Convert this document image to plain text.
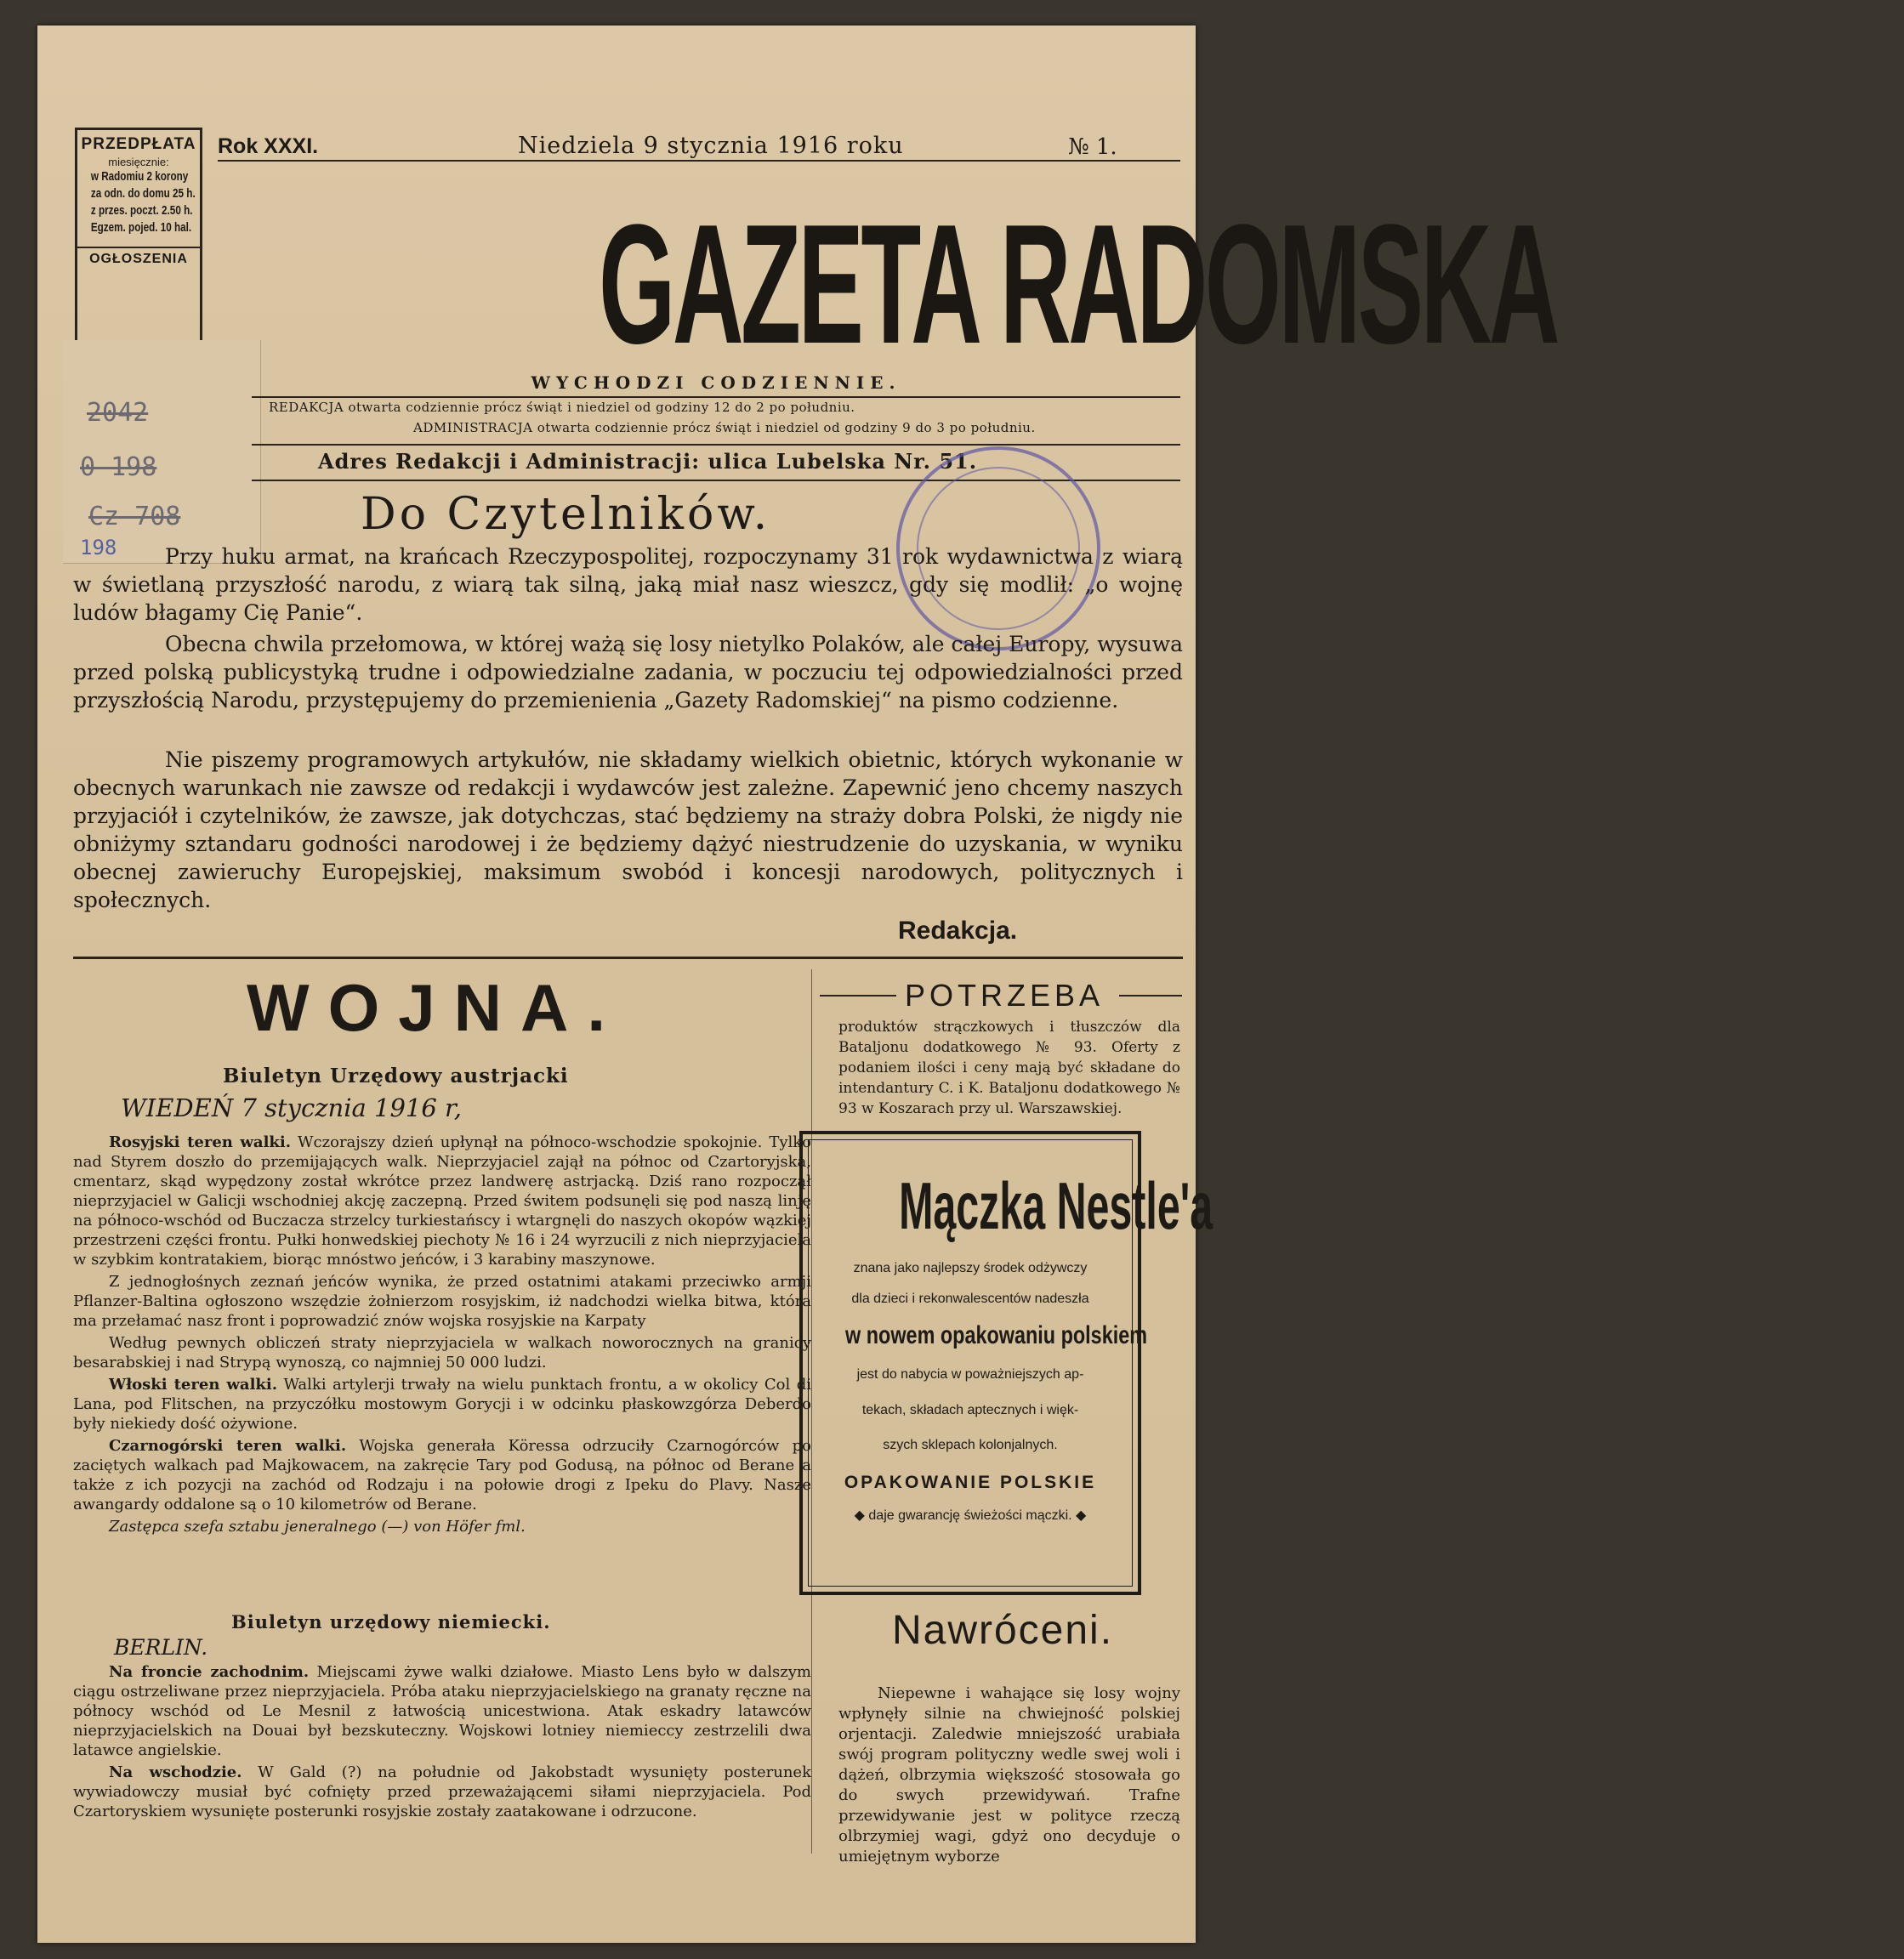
PRZEDPŁATA
miesięcznie:
w Radomiu 2 korony
za odn. do domu 25 h.
z przes. poczt. 2.50 h.
Egzem. pojed. 10 hal.
OGŁOSZENIA
2042
0-198
Cz-708
198
Rok XXXI.	Niedziela 9 stycznia 1916 roku	№ 1.
GAZETA RADOMSKA
WYCHODZI CODZIENNIE.
REDAKCJA otwarta codziennie prócz świąt i niedziel od godziny 12 do 2 po południu.
ADMINISTRACJA otwarta codziennie prócz świąt i niedziel od godziny 9 do 3 po południu.
Adres Redakcji i Administracji: ulica Lubelska Nr. 51.
Do Czytelników.
Przy huku armat, na krańcach Rzeczypospolitej, rozpoczynamy 31 rok wydawnictwa z wiarą w świetlaną przyszłość narodu, z wiarą tak silną, jaką miał nasz wieszcz, gdy się modlił: „o wojnę ludów błagamy Cię Panie“.
Obecna chwila przełomowa, w której ważą się losy nietylko Polaków, ale całej Europy, wysuwa przed polską publicystyką trudne i odpowiedzialne zadania, w poczuciu tej odpowiedzialności przed przyszłością Narodu, przystępujemy do przemienienia „Gazety Radomskiej“ na pismo codzienne.
Nie piszemy programowych artykułów, nie składamy wielkich obietnic, których wykonanie w obecnych warunkach nie zawsze od redakcji i wydawców jest zależne. Zapewnić jeno chcemy naszych przyjaciół i czytelników, że zawsze, jak dotychczas, stać będziemy na straży dobra Polski, że nigdy nie obniżymy sztandaru godności narodowej i że będziemy dążyć niestrudzenie do uzyskania, w wyniku obecnej zawieruchy Europejskiej, maksimum swobód i koncesji narodowych, politycznych i społecznych.
Redakcja.
WOJNA.
Biuletyn Urzędowy austrjacki
WIEDEŃ 7 stycznia 1916 r,

Rosyjski teren walki. Wczorajszy dzień upłynął na północo-wschodzie spokojnie. Tylko nad Styrem doszło do przemijających walk. Nieprzyjaciel zajął na północ od Czartoryjska, cmentarz, skąd wypędzony został wkrótce przez landwerę astrjacką. Dziś rano rozpoczął nieprzyjaciel w Galicji wschodniej akcję zaczepną. Przed świtem podsunęli się pod naszą linję na północo-wschód od Buczacza strzelcy turkiestańscy i wtargnęli do naszych okopów wązkiej przestrzeni części frontu. Pułki honwedskiej piechoty № 16 i 24 wyrzucili z nich nieprzyjaciela w szybkim kontratakiem, biorąc mnóstwo jeńców, i 3 karabiny maszynowe.

Z jednogłośnych zeznań jeńców wynika, że przed ostatnimi atakami przeciwko armji Pflanzer-Baltina ogłoszono wszędzie żołnierzom rosyjskim, iż nadchodzi wielka bitwa, która ma przełamać nasz front i poprowadzić znów wojska rosyjskie na Karpaty

Według pewnych obliczeń straty nieprzyjaciela w walkach noworocznych na granicy besarabskiej i nad Strypą wynoszą, co najmniej 50 000 ludzi.

Włoski teren walki. Walki artylerji trwały na wielu punktach frontu, a w okolicy Col di Lana, pod Flitschen, na przyczółku mostowym Gorycji i w odcinku płaskowzgórza Deberdo były niekiedy dość ożywione.

Czarnogórski teren walki. Wojska generała Köressa odrzuciły Czarnogórców po zaciętych walkach pad Majkowacem, na zakręcie Tary pod Godusą, na północ od Berane a także z ich pozycji na zachód od Rodzaju i na połowie drogi z Ipeku do Plavy. Nasze awangardy oddalone są o 10 kilometrów od Berane.

Zastępca szefa sztabu jeneralnego (—) von Höfer fml.

Biuletyn urzędowy niemiecki.
BERLIN.

Na froncie zachodnim. Miejscami żywe walki działowe. Miasto Lens było w dalszym ciągu ostrzeliwane przez nieprzyjaciela. Próba ataku nieprzyjacielskiego na granaty ręczne na północy wschód od Le Mesnil z łatwością unicestwiona. Atak eskadry latawców nieprzyjacielskich na Douai był bezskuteczny. Wojskowi lotniey niemieccy zestrzelili dwa latawce angielskie.

Na wschodzie. W Gald (?) na południe od Jakobstadt wysunięty posterunek wywiadowczy musiał być cofnięty przed przeważającemi siłami nieprzyjaciela. Pod Czartoryskiem wysunięte posterunki rosyjskie zostały zaatakowane i odrzucone.

POTRZEBA
produktów strączkowych i tłuszczów dla Bataljonu dodatkowego № 93. Oferty z podaniem ilości i ceny mają być składane do intendantury C. i K. Bataljonu dodatkowego № 93 w Koszarach przy ul. Warszawskiej.
Mączka Nestle'a
znana jako najlepszy środek odżywczy
dla dzieci i rekonwalescentów nadeszła
w nowem opakowaniu polskiem
jest do nabycia w poważniejszych ap-
tekach, składach aptecznych i więk-
szych sklepach kolonjalnych.
OPAKOWANIE POLSKIE
◆ daje gwarancję świeżości mączki. ◆
Nawróceni.
Niepewne i wahające się losy wojny wpłynęły silnie na chwiejność polskiej orjentacji. Zaledwie mniejszość urabiała swój program polityczny wedle swej woli i dążeń, olbrzymia większość stosowała go do swych przewidywań. Trafne przewidywanie jest w polityce rzeczą olbrzymiej wagi, gdyż ono decyduje o umiejętnym wyborze
